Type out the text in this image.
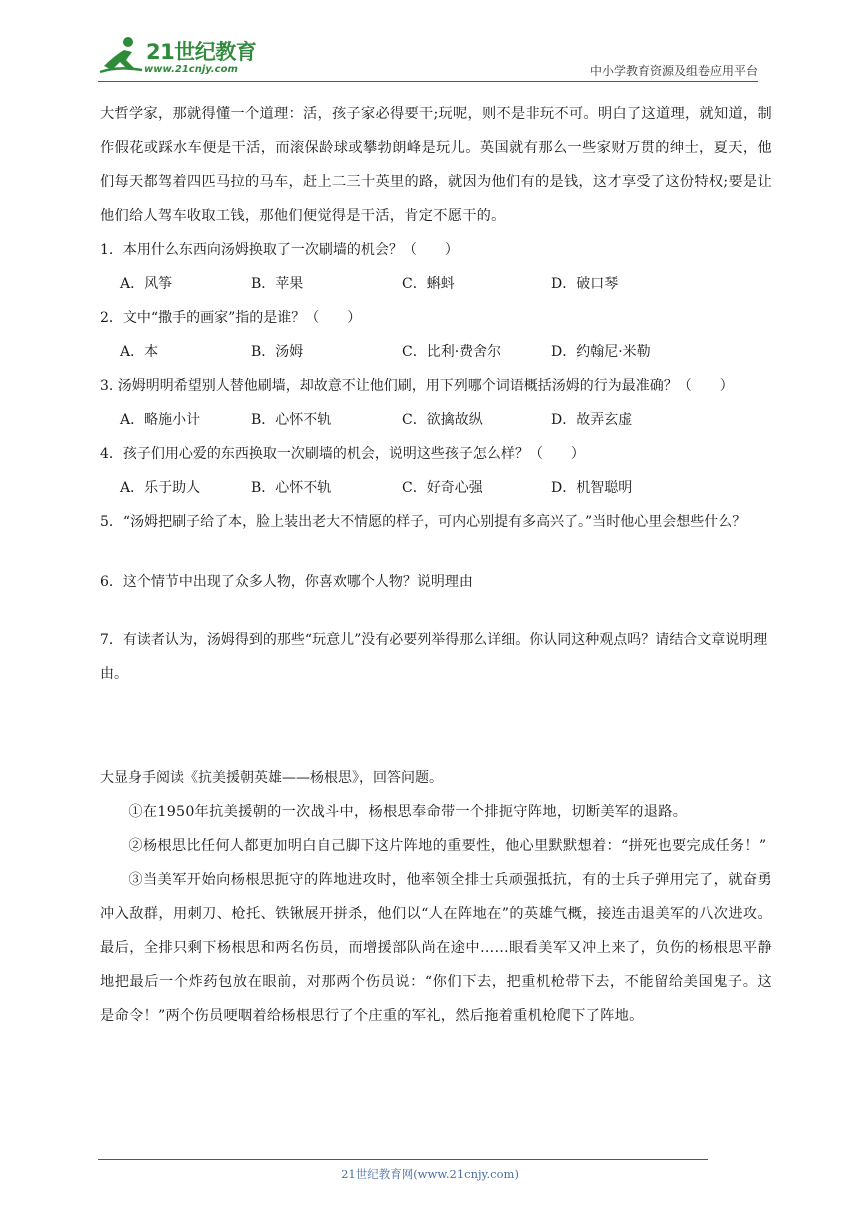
21世纪教育
www.21cnjy.com	中小学教育资源及组卷应用平台

大哲学家，那就得懂一个道理：活，孩子家必得要干;玩呢，则不是非玩不可。明白了这道理，就知道，制作假花或踩水车便是干活，而滚保龄球或攀勃朗峰是玩儿。英国就有那么一些家财万贯的绅士，夏天，他们每天都驾着四匹马拉的马车，赶上二三十英里的路，就因为他们有的是钱，这才享受了这份特权;要是让他们给人驾车收取工钱，那他们便觉得是干活，肯定不愿干的。

1．本用什么东西向汤姆换取了一次刷墙的机会？（　　）

A．风筝	B．苹果	C．蝌蚪	D．破口琴

2．文中“撒手的画家”指的是谁？（　　）

A．本	B．汤姆	C．比利·费舍尔	D．约翰尼·米勒

3. 汤姆明明希望别人替他刷墙，却故意不让他们刷，用下列哪个词语概括汤姆的行为最准确？（　　）

A．略施小计	B．心怀不轨	C．欲擒故纵	D．故弄玄虚

4．孩子们用心爱的东西换取一次刷墙的机会，说明这些孩子怎么样？（　　）

A．乐于助人	B．心怀不轨	C．好奇心强	D．机智聪明

5．“汤姆把刷子给了本，脸上装出老大不情愿的样子，可内心别提有多高兴了。”当时他心里会想些什么？

6．这个情节中出现了众多人物，你喜欢哪个人物？说明理由

7．有读者认为，汤姆得到的那些“玩意儿”没有必要列举得那么详细。你认同这种观点吗？请结合文章说明理由。

大显身手阅读《抗美援朝英雄——杨根思》，回答问题。

①在1950年抗美援朝的一次战斗中，杨根思奉命带一个排扼守阵地，切断美军的退路。

②杨根思比任何人都更加明白自己脚下这片阵地的重要性，他心里默默想着：“拼死也要完成任务！”

③当美军开始向杨根思扼守的阵地进攻时，他率领全排士兵顽强抵抗，有的士兵子弹用完了，就奋勇冲入敌群，用刺刀、枪托、铁锹展开拼杀，他们以“人在阵地在”的英雄气概，接连击退美军的八次进攻。最后，全排只剩下杨根思和两名伤员，而增援部队尚在途中……眼看美军又冲上来了，负伤的杨根思平静地把最后一个炸药包放在眼前，对那两个伤员说：“你们下去，把重机枪带下去，不能留给美国鬼子。这是命令！”两个伤员哽咽着给杨根思行了个庄重的军礼，然后拖着重机枪爬下了阵地。

21世纪教育网(www.21cnjy.com)
